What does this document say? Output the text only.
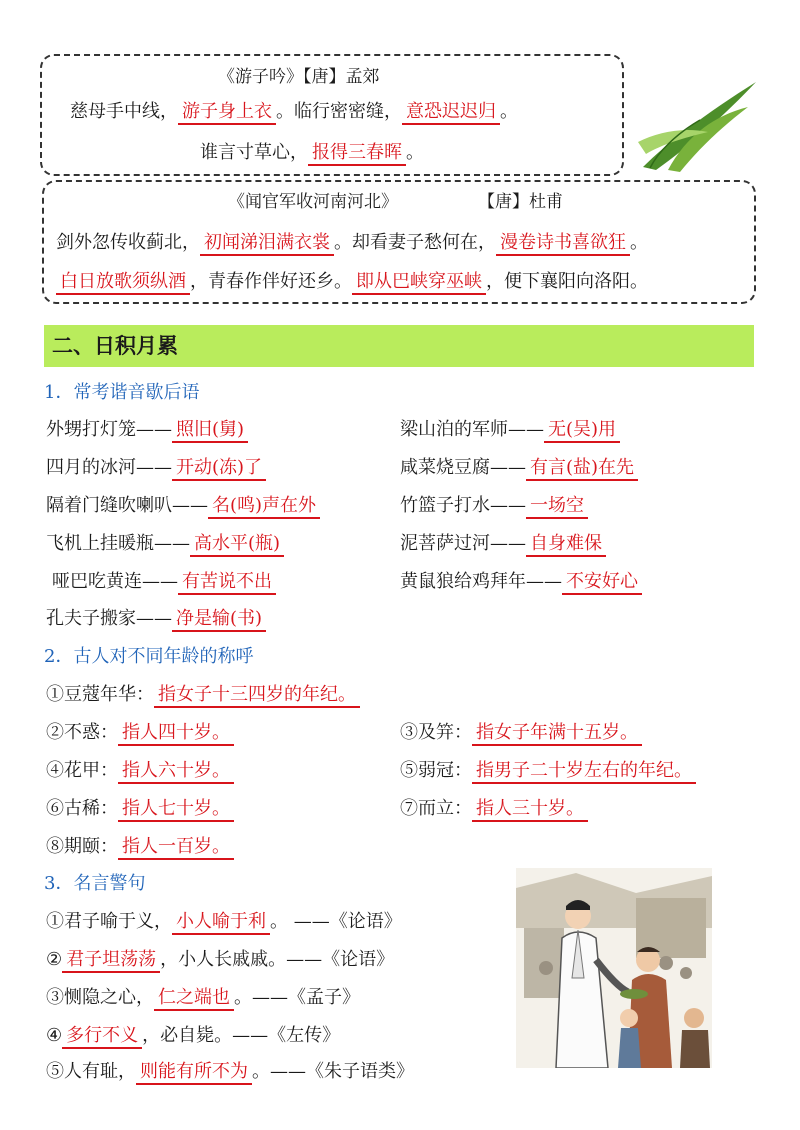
《游子吟》【唐】孟郊
慈母手中线， 游子身上衣 。临行密密缝， 意恐迟迟归 。
谁言寸草心， 报得三春晖 。
《闻官军收河南河北》	【唐】杜甫
剑外忽传收蓟北， 初闻涕泪满衣裳 。却看妻子愁何在， 漫卷诗书喜欲狂 。
白日放歌须纵酒 ，青春作伴好还乡。 即从巴峡穿巫峡 ，便下襄阳向洛阳。
二、日积月累
1．常考谐音歇后语
外甥打灯笼—— 照旧(舅)	梁山泊的军师—— 无(吴)用
四月的冰河—— 开动(冻)了	咸菜烧豆腐—— 有言(盐)在先
隔着门缝吹喇叭—— 名(鸣)声在外	竹篮子打水—— 一场空
飞机上挂暖瓶—— 高水平(瓶)	泥菩萨过河—— 自身难保
哑巴吃黄连—— 有苦说不出	黄鼠狼给鸡拜年—— 不安好心
孔夫子搬家—— 净是输(书)
2．古人对不同年龄的称呼
①豆蔻年华： 指女子十三四岁的年纪。
②不惑： 指人四十岁。	③及笄： 指女子年满十五岁。
④花甲： 指人六十岁。	⑤弱冠： 指男子二十岁左右的年纪。
⑥古稀： 指人七十岁。	⑦而立： 指人三十岁。
⑧期颐： 指人一百岁。
3．名言警句
①君子喻于义， 小人喻于利 。 ——《论语》
② 君子坦荡荡 ，小人长戚戚。——《论语》
③恻隐之心， 仁之端也 。——《孟子》
④ 多行不义 ，必自毙。——《左传》
⑤人有耻， 则能有所不为 。——《朱子语类》
